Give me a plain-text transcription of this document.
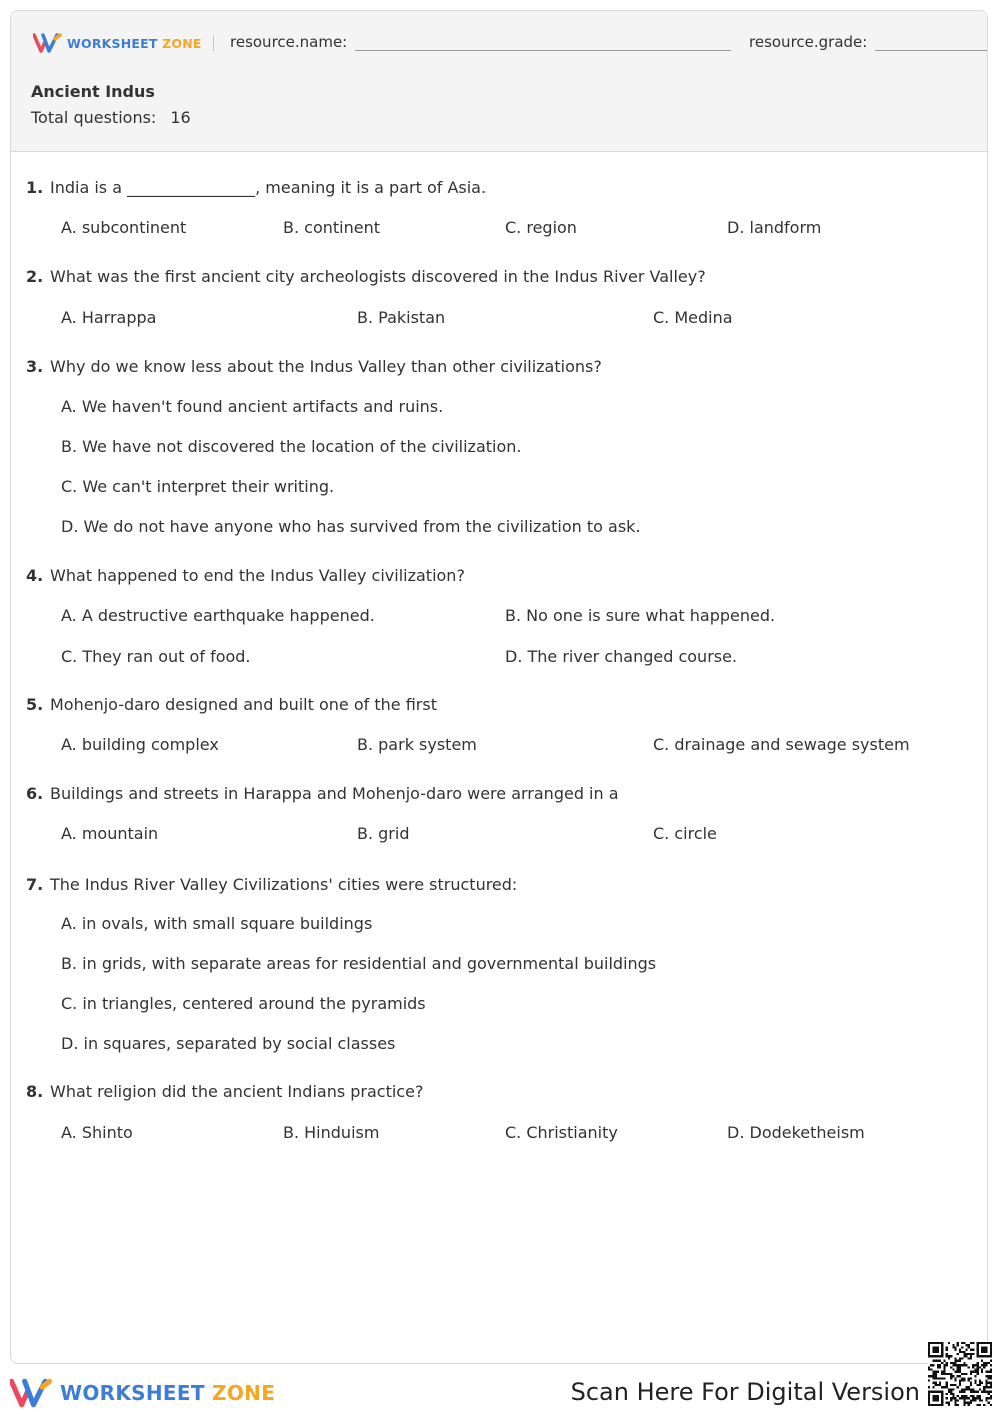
WORKSHEET ZONE resource.name:	resource.grade:
Ancient Indus
Total questions: 16
1. India is a ________________, meaning it is a part of Asia.
A. subcontinent	B. continent	C. region	D. landform
2. What was the first ancient city archeologists discovered in the Indus River Valley?
A. Harrappa	B. Pakistan	C. Medina
3. Why do we know less about the Indus Valley than other civilizations?
A. We haven't found ancient artifacts and ruins.
B. We have not discovered the location of the civilization.
C. We can't interpret their writing.
D. We do not have anyone who has survived from the civilization to ask.
4. What happened to end the Indus Valley civilization?
A. A destructive earthquake happened.	B. No one is sure what happened.
C. They ran out of food.	D. The river changed course.
5. Mohenjo-daro designed and built one of the first
A. building complex	B. park system	C. drainage and sewage system
6. Buildings and streets in Harappa and Mohenjo-daro were arranged in a
A. mountain	B. grid	C. circle
7. The Indus River Valley Civilizations' cities were structured:
A. in ovals, with small square buildings
B. in grids, with separate areas for residential and governmental buildings
C. in triangles, centered around the pyramids
D. in squares, separated by social classes
8. What religion did the ancient Indians practice?
A. Shinto	B. Hinduism	C. Christianity	D. Dodeketheism
WORKSHEET ZONE	Scan Here For Digital Version
